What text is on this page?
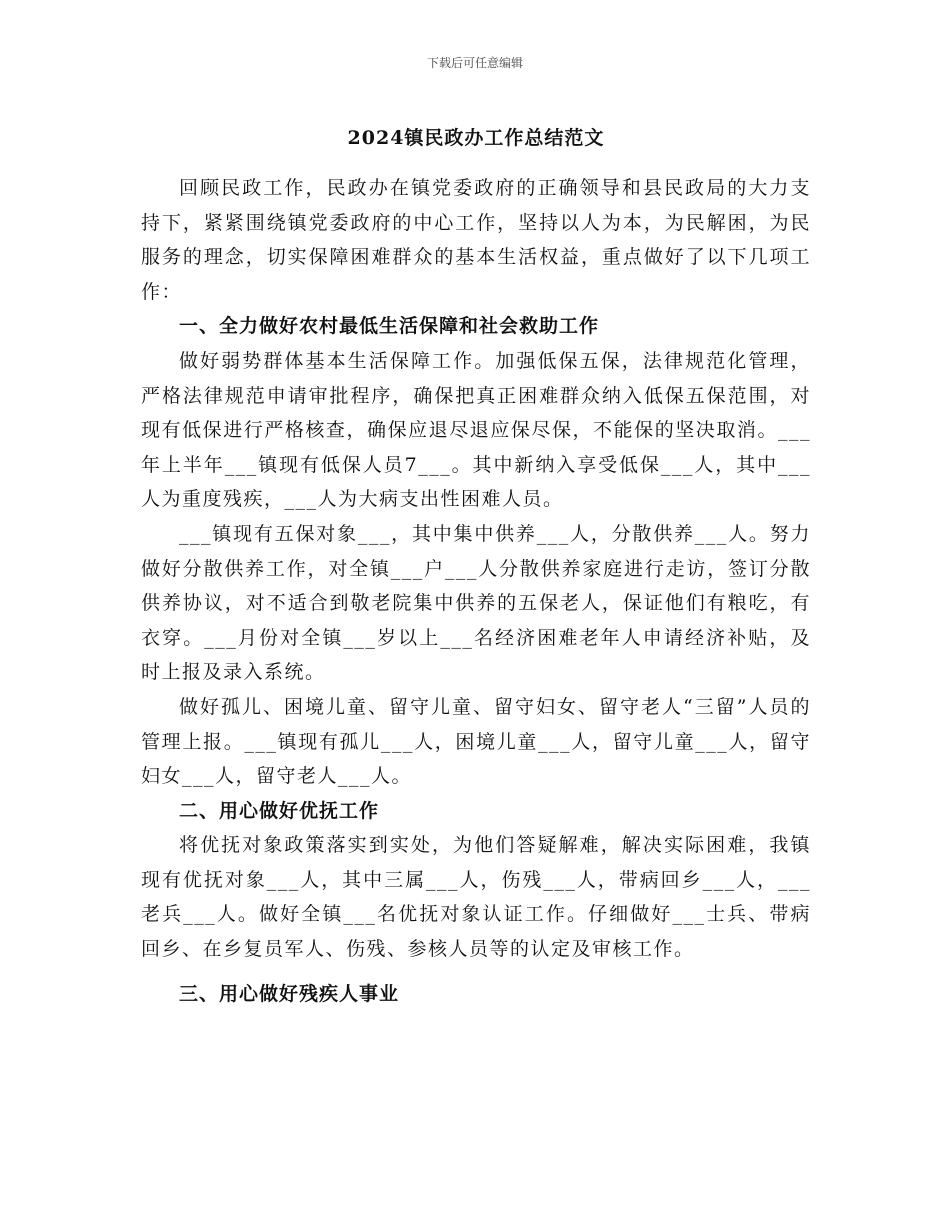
下载后可任意编辑
2024镇民政办工作总结范文

回顾民政工作，民政办在镇党委政府的正确领导和县民政局的大力支持下，紧紧围绕镇党委政府的中心工作，坚持以人为本，为民解困，为民服务的理念，切实保障困难群众的基本生活权益，重点做好了以下几项工作：

一、全力做好农村最低生活保障和社会救助工作

做好弱势群体基本生活保障工作。加强低保五保，法律规范化管理，严格法律规范申请审批程序，确保把真正困难群众纳入低保五保范围，对现有低保进行严格核查，确保应退尽退应保尽保，不能保的坚决取消。___年上半年___镇现有低保人员7___。其中新纳入享受低保___人，其中___人为重度残疾，___人为大病支出性困难人员。

___镇现有五保对象___，其中集中供养___人，分散供养___人。努力做好分散供养工作，对全镇___户___人分散供养家庭进行走访，签订分散供养协议，对不适合到敬老院集中供养的五保老人，保证他们有粮吃，有衣穿。___月份对全镇___岁以上___名经济困难老年人申请经济补贴，及时上报及录入系统。

做好孤儿、困境儿童、留守儿童、留守妇女、留守老人“三留”人员的管理上报。___镇现有孤儿___人，困境儿童___人，留守儿童___人，留守妇女___人，留守老人___人。

二、用心做好优抚工作

将优抚对象政策落实到实处，为他们答疑解难，解决实际困难，我镇现有优抚对象___人，其中三属___人，伤残___人，带病回乡___人，___老兵___人。做好全镇___名优抚对象认证工作。仔细做好___士兵、带病回乡、在乡复员军人、伤残、参核人员等的认定及审核工作。

三、用心做好残疾人事业
